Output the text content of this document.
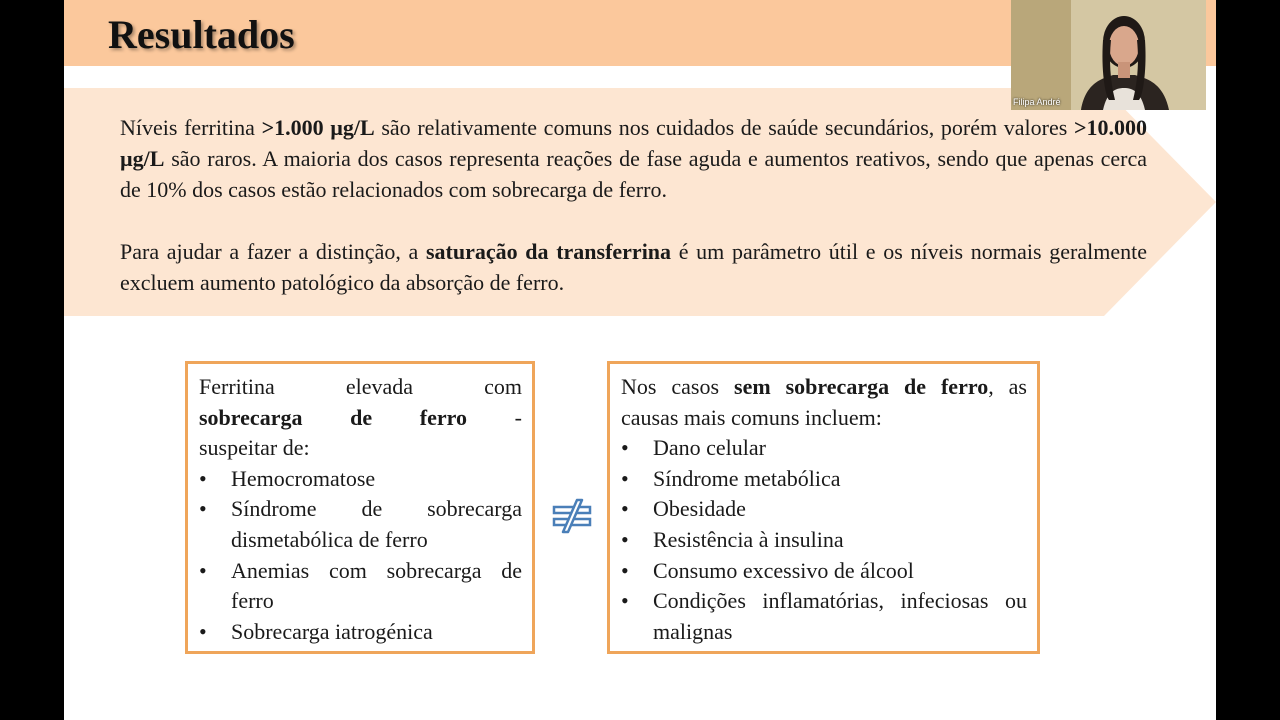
Resultados

Níveis ferritina >1.000 µg/L são relativamente comuns nos cuidados de saúde secundários, porém valores >10.000 µg/L são raros. A maioria dos casos representa reações de fase aguda e aumentos reativos, sendo que apenas cerca de 10% dos casos estão relacionados com sobrecarga de ferro.

Para ajudar a fazer a distinção, a saturação da transferrina é um parâmetro útil e os níveis normais geralmente excluem aumento patológico da absorção de ferro.

Ferritina elevada com

sobrecarga de ferro -

suspeitar de:

• Hemocromatose
• Síndrome de sobrecarga dismetabólica de ferro
• Anemias com sobrecarga de ferro
• Sobrecarga iatrogénica

Nos casos sem sobrecarga de ferro, as causas mais comuns incluem:

• Dano celular
• Síndrome metabólica
• Obesidade
• Resistência à insulina
• Consumo excessivo de álcool
• Condições inflamatórias, infeciosas ou malignas
Filipa André
